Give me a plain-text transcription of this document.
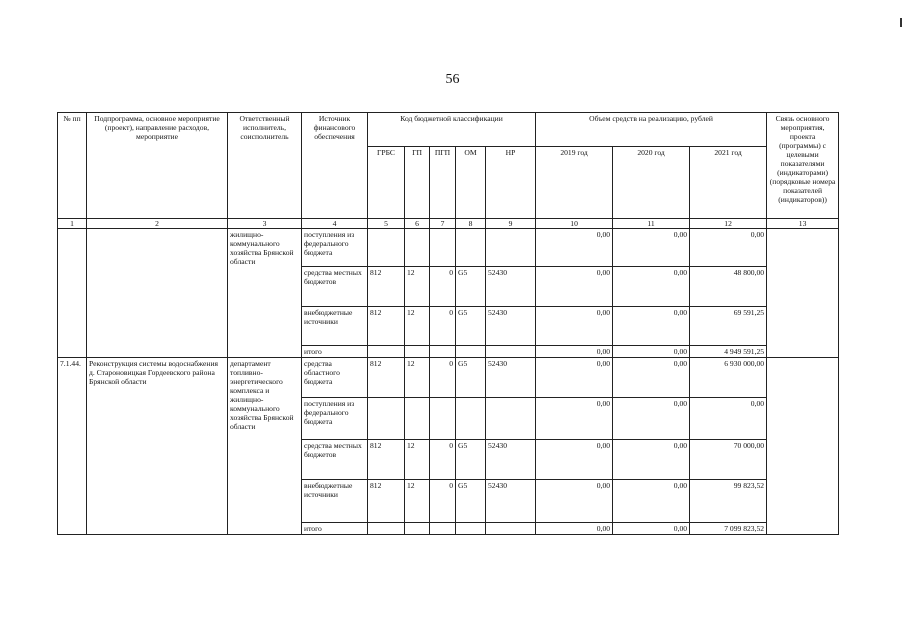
56
№ пп	Подпрограмма, основное мероприятие (проект), направление расходов, мероприятие	Ответственный исполнитель, соисполнитель	Источник финансового обеспечения	Код бюджетной классификации					Объем средств на реализацию, рублей			Связь основного мероприятия, проекта (программы) с целевыми показателями (индикаторами) (порядковые номера показателей (индикаторов))
				ГРБС	ГП	ПГП	ОМ	НР	2019 год	2020 год	2021 год	
1	2	3	4	5	6	7	8	9	10	11	12	13
		жилищно-коммунального хозяйства Брянской области	поступления из федерального бюджета						0,00	0,00	0,00	
			средства местных бюджетов	812	12	0	G5	52430	0,00	0,00	48 800,00	
			внебюджетные источники	812	12	0	G5	52430	0,00	0,00	69 591,25	
			итого						0,00	0,00	4 949 591,25	
7.1.44.	Реконструкция системы водоснабжения д. Староновицкая Гордеевского района Брянской области	департамент топливно-энергетического комплекса и жилищно-коммунального хозяйства Брянской области	средства областного бюджета	812	12	0	G5	52430	0,00	0,00	6 930 000,00	
			поступления из федерального бюджета						0,00	0,00	0,00	
			средства местных бюджетов	812	12	0	G5	52430	0,00	0,00	70 000,00	
			внебюджетные источники	812	12	0	G5	52430	0,00	0,00	99 823,52	
			итого						0,00	0,00	7 099 823,52	
